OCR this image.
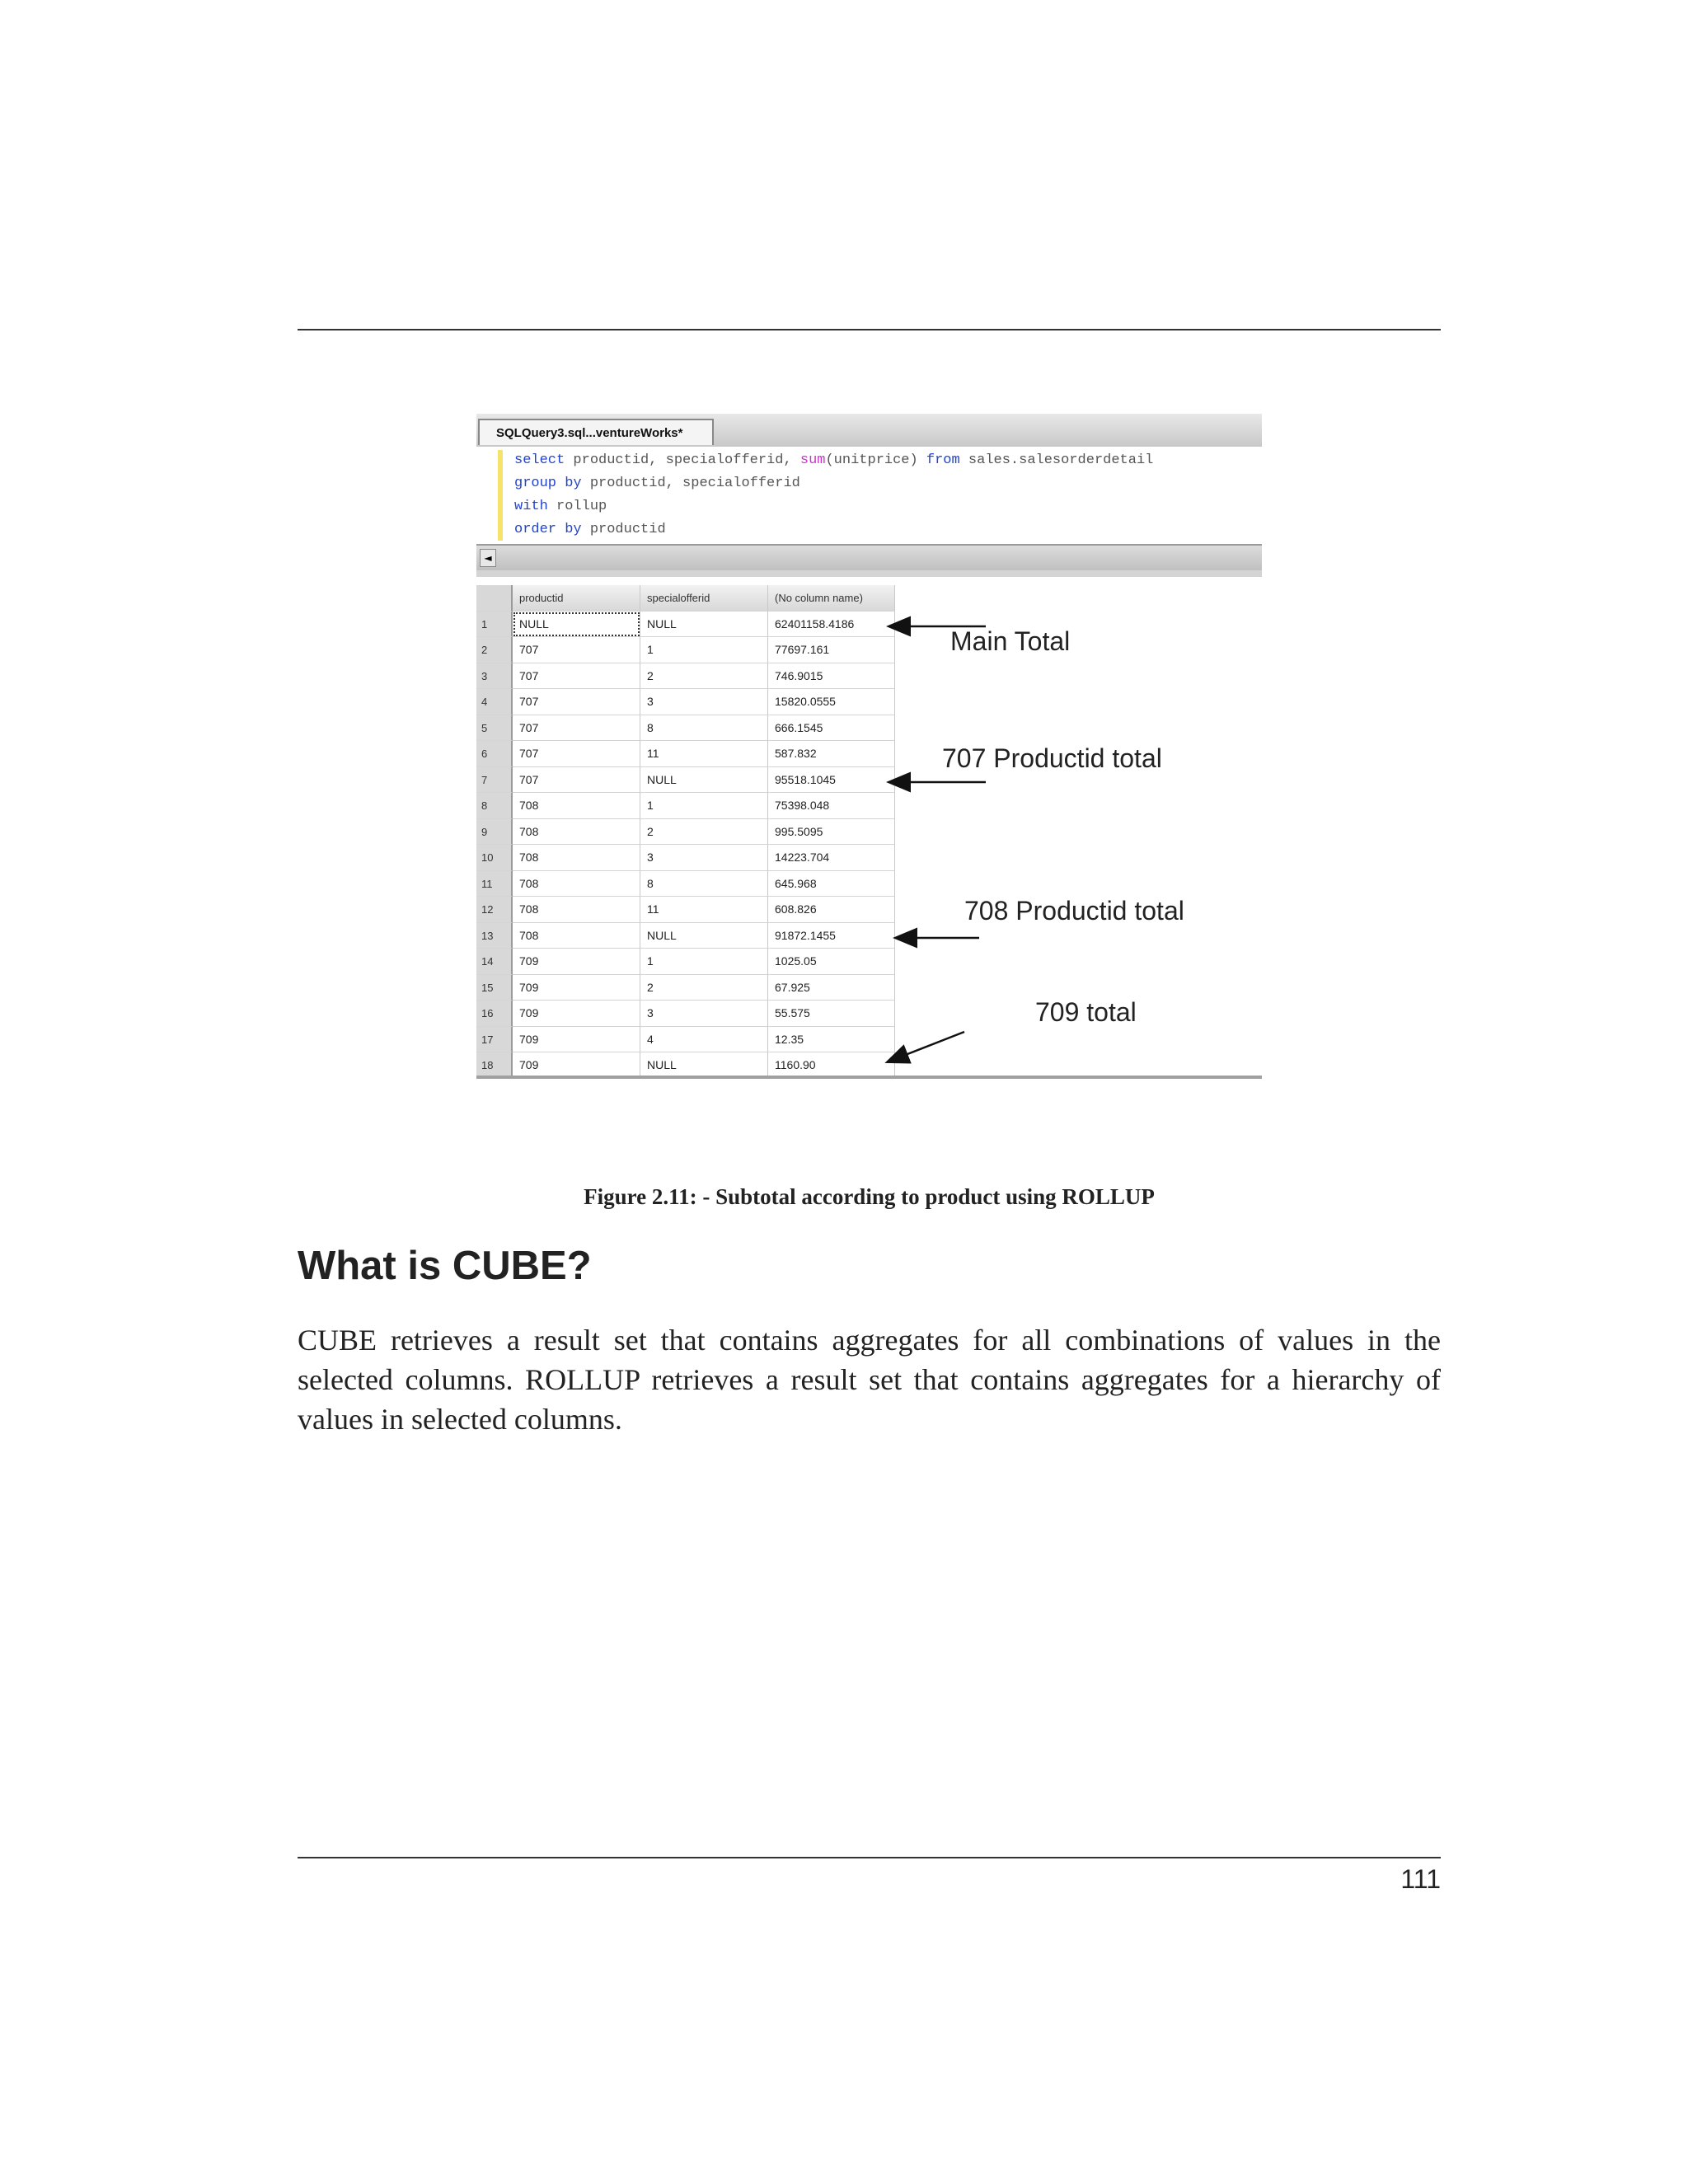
SQLQuery3.sql...ventureWorks*
select productid, specialofferid, sum(unitprice) from sales.salesorderdetail
group by productid, specialofferid
with rollup
order by productid
◄
productid	specialofferid	(No column name)
1	NULL	NULL	62401158.4186
2	707	1	77697.161
3	707	2	746.9015
4	707	3	15820.0555
5	707	8	666.1545
6	707	11	587.832
7	707	NULL	95518.1045
8	708	1	75398.048
9	708	2	995.5095
10	708	3	14223.704
11	708	8	645.968
12	708	11	608.826
13	708	NULL	91872.1455
14	709	1	1025.05
15	709	2	67.925
16	709	3	55.575
17	709	4	12.35
18	709	NULL	1160.90
Main Total
707 Productid total
708 Productid total
709 total
Figure 2.11: - Subtotal according to product using ROLLUP
What is CUBE?

CUBE retrieves a result set that contains aggregates for all combinations of values in the selected columns. ROLLUP retrieves a result set that contains aggregates for a hierarchy of values in selected columns.

111
